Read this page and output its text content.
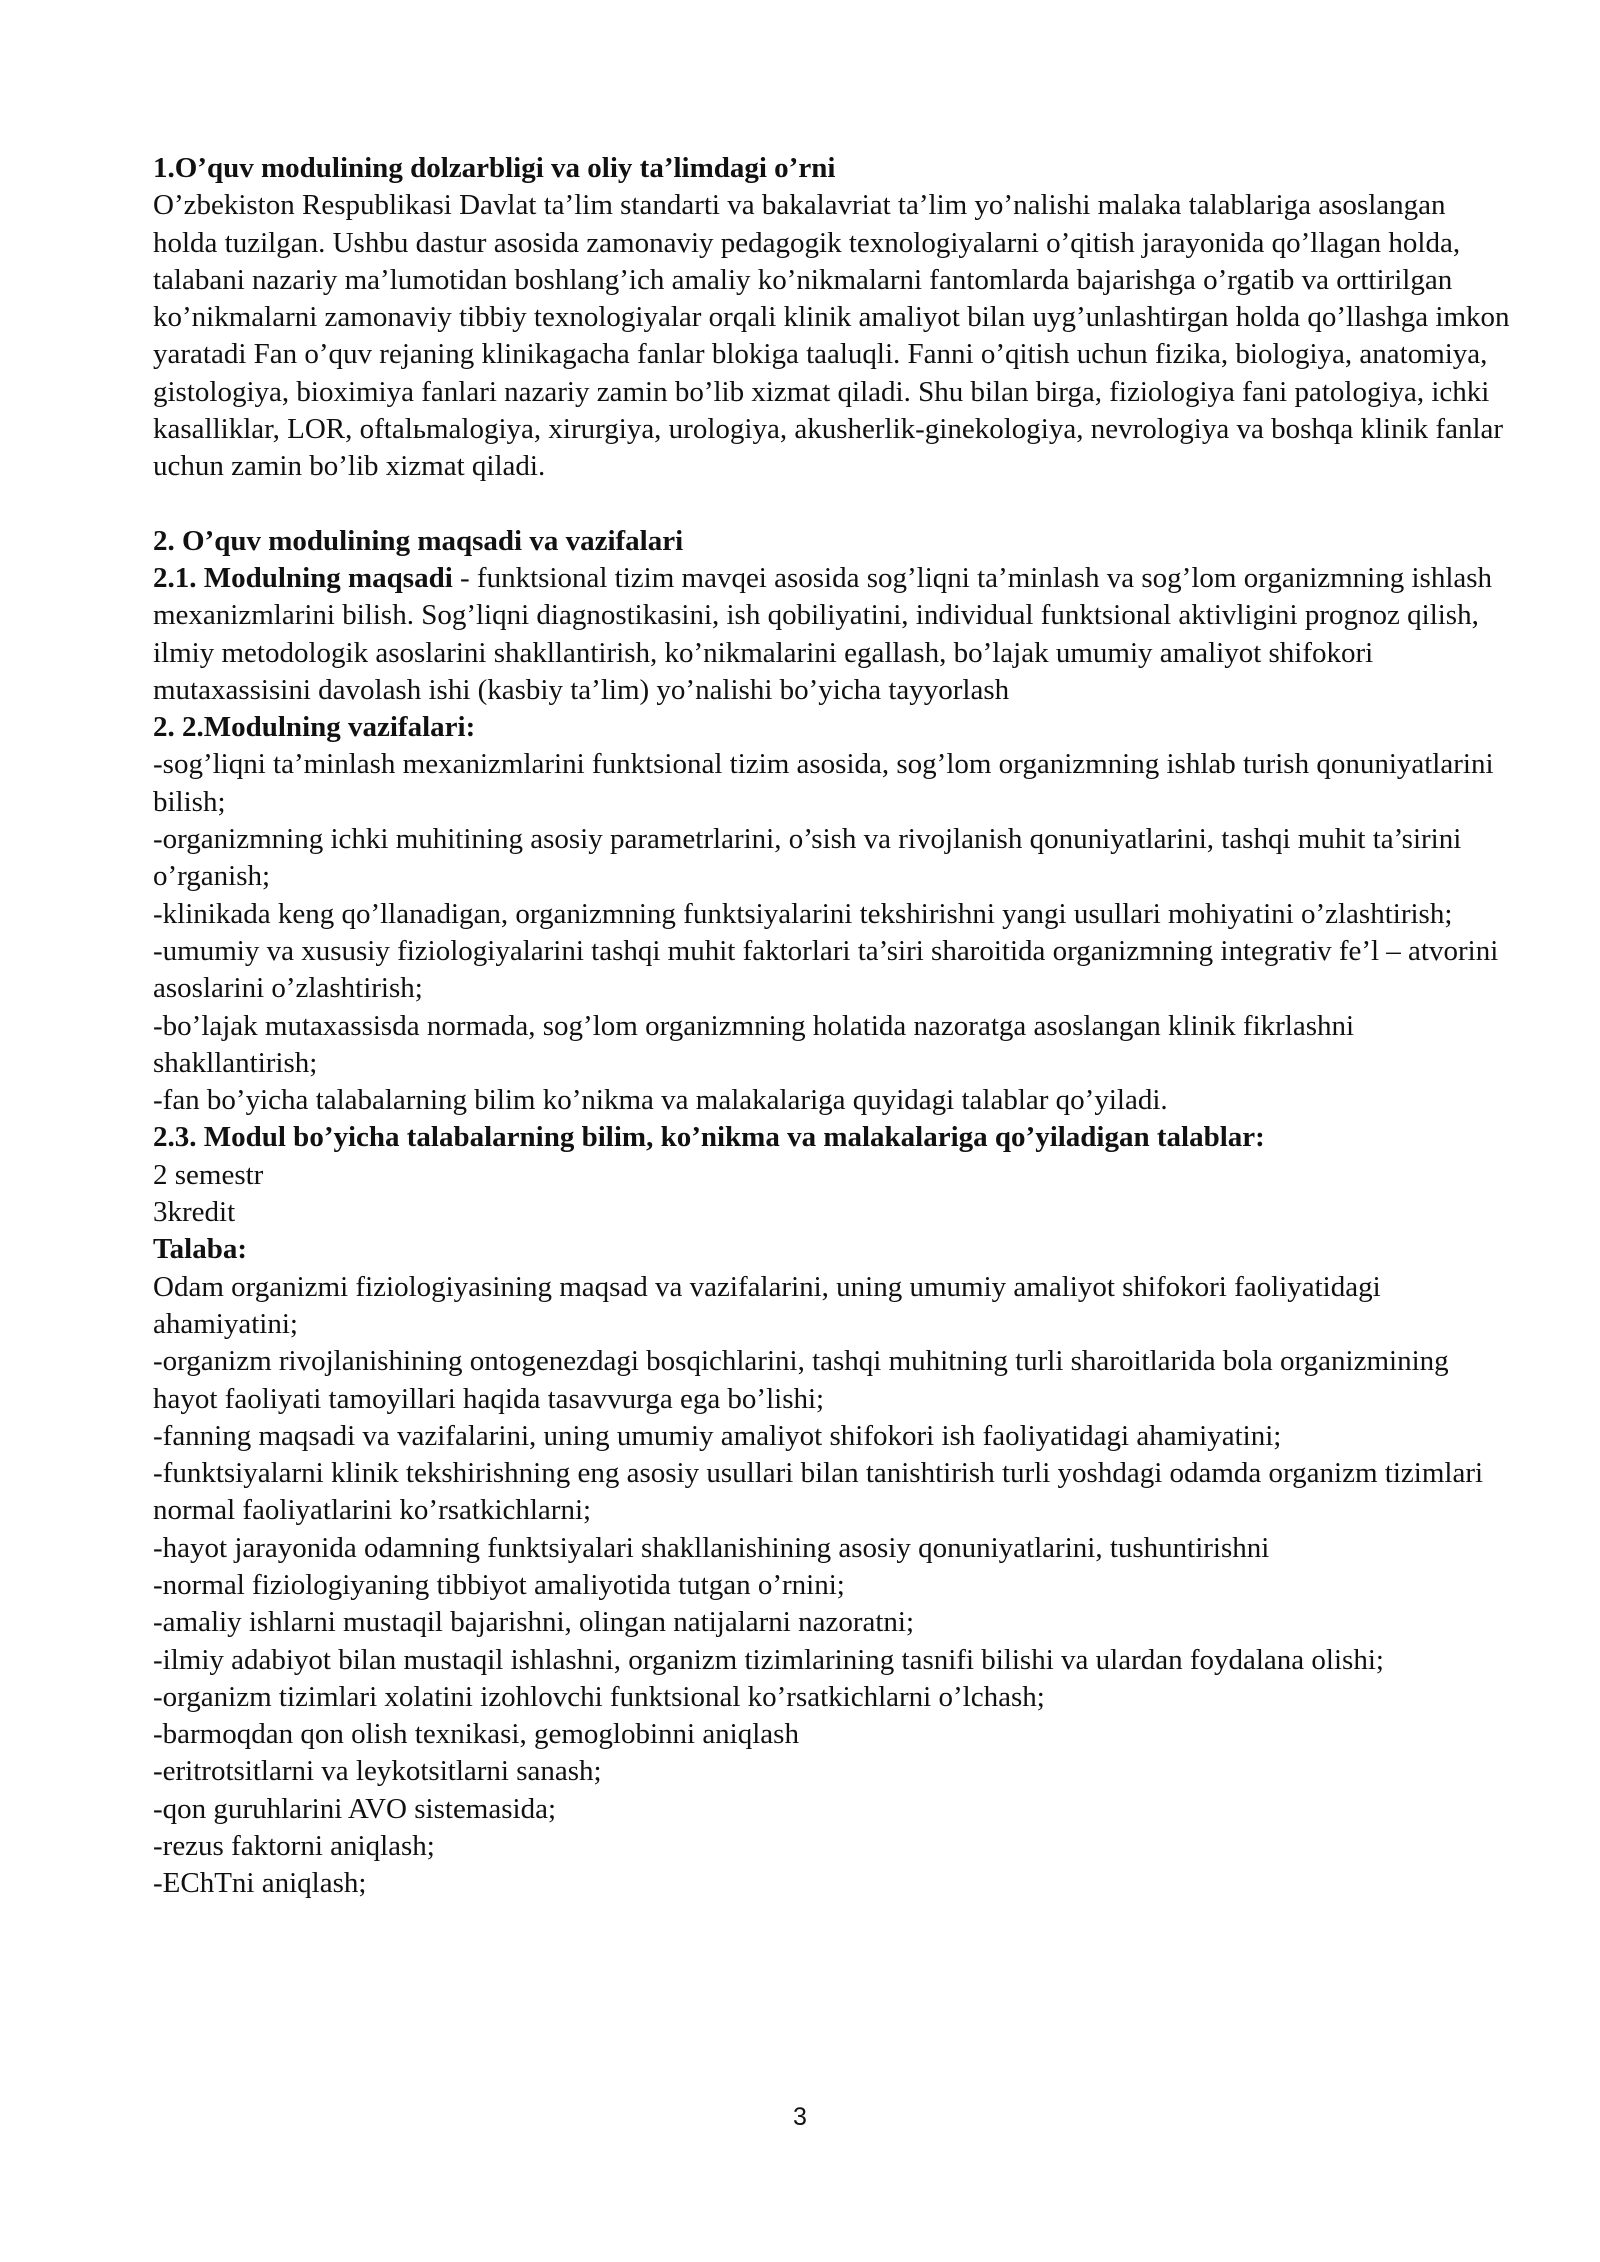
1.O’quv modulining dolzarbligi va oliy ta’limdagi o’rni

O’zbekiston Respublikasi Davlat ta’lim standarti va bakalavriat ta’lim yo’nalishi malaka talablariga asoslangan holda tuzilgan. Ushbu dastur asosida zamonaviy pedagogik texnologiyalarni o’qitish jarayonida qo’llagan holda, talabani nazariy ma’lumotidan boshlang’ich amaliy ko’nikmalarni fantomlarda bajarishga o’rgatib va orttirilgan ko’nikmalarni zamonaviy tibbiy texnologiyalar orqali klinik amaliyot bilan uyg’unlashtirgan holda qo’llashga imkon yaratadi Fan o’quv rejaning klinikagacha fanlar blokiga taaluqli. Fanni o’qitish uchun fizika, biologiya, anatomiya, gistologiya, bioximiya fanlari nazariy zamin bo’lib xizmat qiladi. Shu bilan birga, fiziologiya fani patologiya, ichki kasalliklar, LOR, oftalьmalogiya, xirurgiya, urologiya, akusherlik-ginekologiya, nevrologiya va boshqa klinik fanlar uchun zamin bo’lib xizmat qiladi.

2. O’quv modulining maqsadi va vazifalari

2.1. Modulning maqsadi - funktsional tizim mavqei asosida sog’liqni ta’minlash va sog’lom organizmning ishlash mexanizmlarini bilish. Sog’liqni diagnostikasini, ish qobiliyatini, individual funktsional aktivligini prognoz qilish, ilmiy metodologik asoslarini shakllantirish, ko’nikmalarini egallash, bo’lajak umumiy amaliyot shifokori mutaxassisini davolash ishi (kasbiy ta’lim) yo’nalishi bo’yicha tayyorlash

2. 2.Modulning vazifalari:

-sog’liqni ta’minlash mexanizmlarini funktsional tizim asosida, sog’lom organizmning ishlab turish qonuniyatlarini bilish;

-organizmning ichki muhitining asosiy parametrlarini, o’sish va rivojlanish qonuniyatlarini, tashqi muhit ta’sirini o’rganish;

-klinikada keng qo’llanadigan, organizmning funktsiyalarini tekshirishni yangi usullari mohiyatini o’zlashtirish;

-umumiy va xususiy fiziologiyalarini tashqi muhit faktorlari ta’siri sharoitida organizmning integrativ fe’l – atvorini asoslarini o’zlashtirish;

-bo’lajak mutaxassisda normada, sog’lom organizmning holatida nazoratga asoslangan klinik fikrlashni shakllantirish;

-fan bo’yicha talabalarning bilim ko’nikma va malakalariga quyidagi talablar qo’yiladi.

2.3. Modul bo’yicha talabalarning bilim, ko’nikma va malakalariga qo’yiladigan talablar:

2 semestr

3kredit

Talaba:

Odam organizmi fiziologiyasining maqsad va vazifalarini, uning umumiy amaliyot shifokori faoliyatidagi ahamiyatini;

-organizm rivojlanishining ontogenezdagi bosqichlarini, tashqi muhitning turli sharoitlarida bola organizmining hayot faoliyati tamoyillari haqida tasavvurga ega bo’lishi;

-fanning maqsadi va vazifalarini, uning umumiy amaliyot shifokori ish faoliyatidagi ahamiyatini;

-funktsiyalarni klinik tekshirishning eng asosiy usullari bilan tanishtirish turli yoshdagi odamda organizm tizimlari normal faoliyatlarini ko’rsatkichlarni;

-hayot jarayonida odamning funktsiyalari shakllanishining asosiy qonuniyatlarini, tushuntirishni

-normal fiziologiyaning tibbiyot amaliyotida tutgan o’rnini;

-amaliy ishlarni mustaqil bajarishni, olingan natijalarni nazoratni;

-ilmiy adabiyot bilan mustaqil ishlashni, organizm tizimlarining tasnifi bilishi va ulardan foydalana olishi;

-organizm tizimlari xolatini izohlovchi funktsional ko’rsatkichlarni o’lchash;

-barmoqdan qon olish texnikasi, gemoglobinni aniqlash

-eritrotsitlarni va leykotsitlarni sanash;

-qon guruhlarini AVO sistemasida;

-rezus faktorni aniqlash;

-EChTni aniqlash;

3
